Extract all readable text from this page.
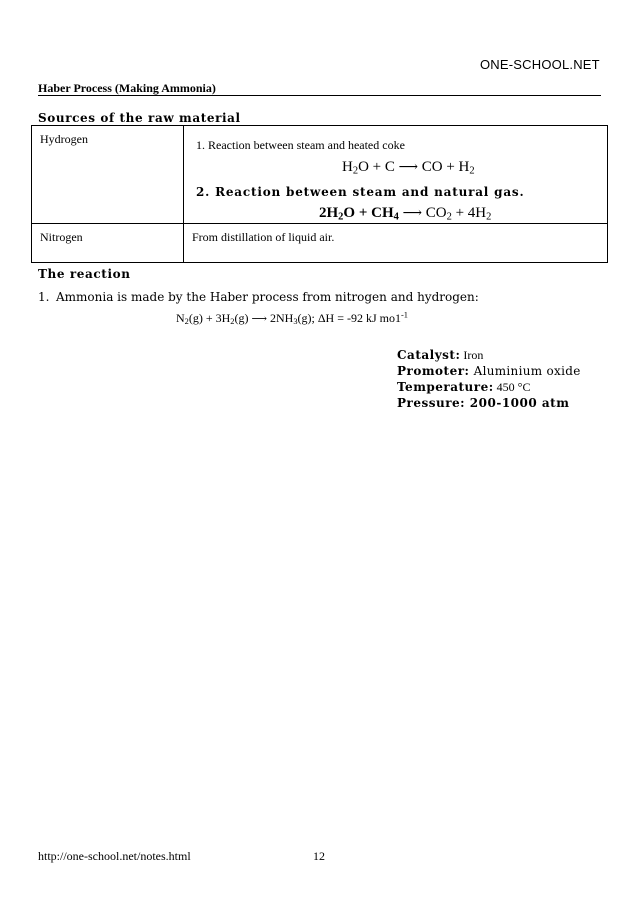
ONE-SCHOOL.NET
Haber Process (Making Ammonia)
Sources of the raw material
Hydrogen	1. Reaction between steam and heated coke
$H_2O + C$ ⟶ CO + $H_2$
2. Reaction between steam and natural gas.
$2H_2O + CH_4$ ⟶ $CO_2 + 4H_2$

Nitrogen	From distillation of liquid air.
The reaction
1. Ammonia is made by the Haber process from nitrogen and hydrogen:
$N_2(g) + 3H_2(g)$ ⟶ $2NH_3(g)$; ΔH = -92 kJ $mo1^{-1}$
Catalyst: Iron
Promoter: Aluminium oxide
Temperature: 450 °C
Pressure: 200-1000 atm
http://one-school.net/notes.html	12
